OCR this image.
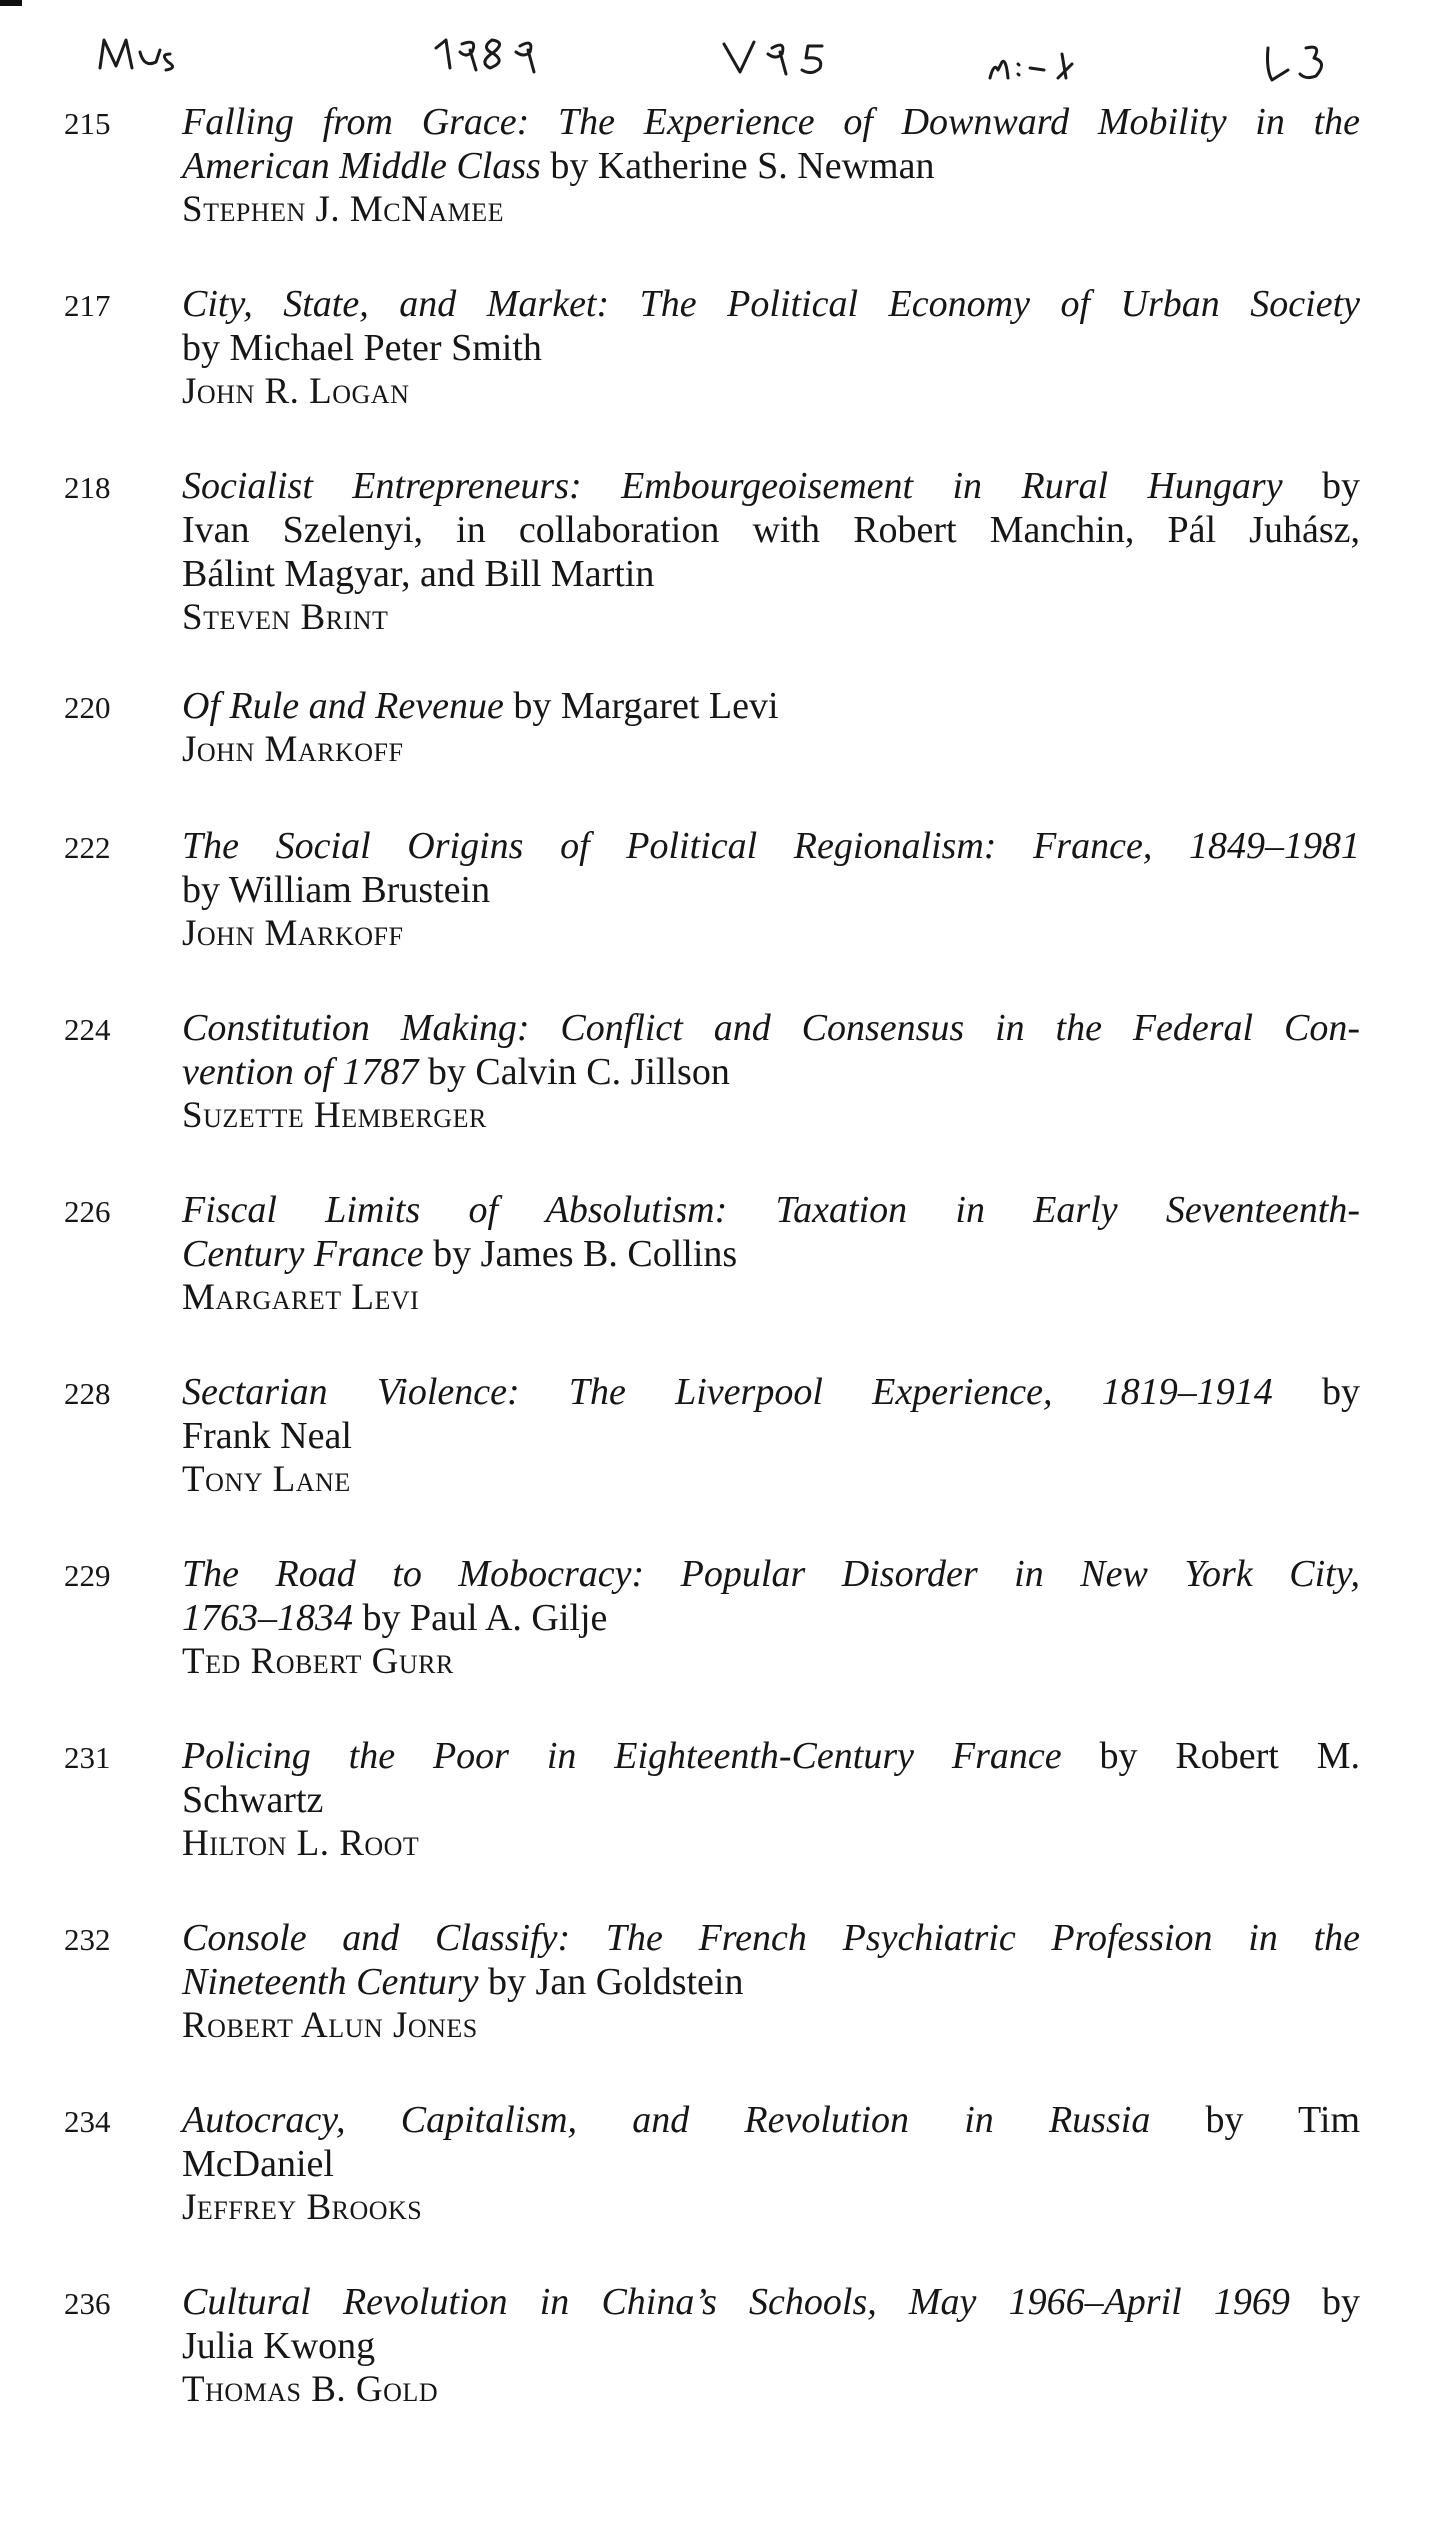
215 Falling from Grace: The Experience of Downward Mobility in the
American Middle Class by Katherine S. Newman
Stephen J. McNamee
217 City, State, and Market: The Political Economy of Urban Society
by Michael Peter Smith
John R. Logan
218 Socialist Entrepreneurs: Embourgeoisement in Rural Hungary by
Ivan Szelenyi, in collaboration with Robert Manchin, Pál Juhász,
Bálint Magyar, and Bill Martin
Steven Brint
220 Of Rule and Revenue by Margaret Levi
John Markoff
222 The Social Origins of Political Regionalism: France, 1849–1981
by William Brustein
John Markoff
224 Constitution Making: Conflict and Consensus in the Federal Con-
vention of 1787 by Calvin C. Jillson
Suzette Hemberger
226 Fiscal Limits of Absolutism: Taxation in Early Seventeenth-
Century France by James B. Collins
Margaret Levi
228 Sectarian Violence: The Liverpool Experience, 1819–1914 by
Frank Neal
Tony Lane
229 The Road to Mobocracy: Popular Disorder in New York City,
1763–1834 by Paul A. Gilje
Ted Robert Gurr
231 Policing the Poor in Eighteenth-Century France by Robert M.
Schwartz
Hilton L. Root
232 Console and Classify: The French Psychiatric Profession in the
Nineteenth Century by Jan Goldstein
Robert Alun Jones
234 Autocracy, Capitalism, and Revolution in Russia by Tim
McDaniel
Jeffrey Brooks
236 Cultural Revolution in China’s Schools, May 1966–April 1969 by
Julia Kwong
Thomas B. Gold
